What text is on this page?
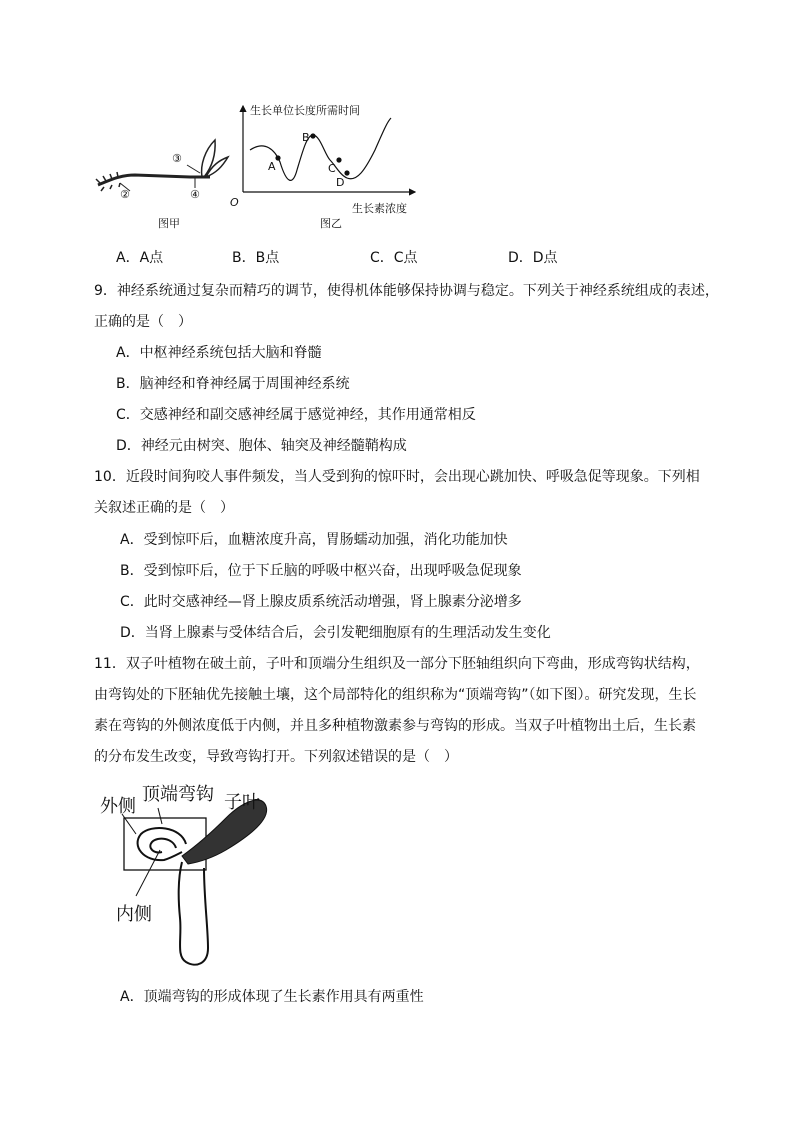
②
③
④
图甲
生长单位长度所需时间
生长素浓度
O
A
B
C
D
图乙
A．A点	B．B点	C．C点	D．D点
9．神经系统通过复杂而精巧的调节，使得机体能够保持协调与稳定。下列关于神经系统组成的表述，
正确的是（　）
A．中枢神经系统包括大脑和脊髓
B．脑神经和脊神经属于周围神经系统
C．交感神经和副交感神经属于感觉神经，其作用通常相反
D．神经元由树突、胞体、轴突及神经髓鞘构成
10．近段时间狗咬人事件频发，当人受到狗的惊吓时，会出现心跳加快、呼吸急促等现象。下列相
关叙述正确的是（　）
A．受到惊吓后，血糖浓度升高，胃肠蠕动加强，消化功能加快
B．受到惊吓后，位于下丘脑的呼吸中枢兴奋，出现呼吸急促现象
C．此时交感神经—肾上腺皮质系统活动增强，肾上腺素分泌增多
D．当肾上腺素与受体结合后，会引发靶细胞原有的生理活动发生变化
11．双子叶植物在破土前，子叶和顶端分生组织及一部分下胚轴组织向下弯曲，形成弯钩状结构，
由弯钩处的下胚轴优先接触土壤，这个局部特化的组织称为“顶端弯钩”（如下图）。研究发现，生长
素在弯钩的外侧浓度低于内侧，并且多种植物激素参与弯钩的形成。当双子叶植物出土后，生长素
的分布发生改变，导致弯钩打开。下列叙述错误的是（　）
外侧
顶端弯钩 子叶
内侧
A．顶端弯钩的形成体现了生长素作用具有两重性
